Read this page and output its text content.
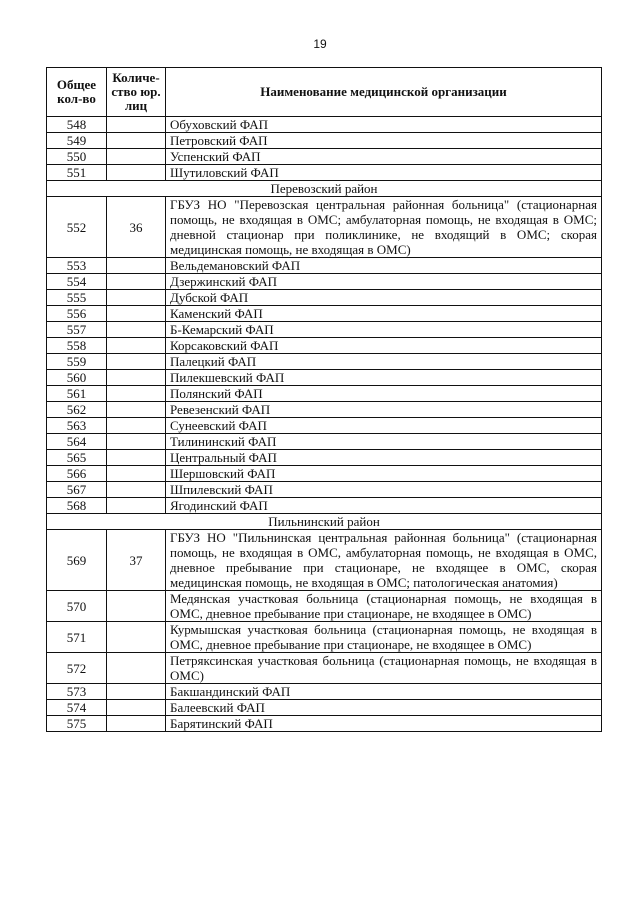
19
Общее кол-во	Количе-ство юр. лиц	Наименование медицинской организации
548		Обуховский ФАП
549		Петровский ФАП
550		Успенский ФАП
551		Шутиловский ФАП
Перевозский район		
552	36	ГБУЗ НО "Перевозская центральная районная больница" (стационарная помощь, не входящая в ОМС; амбулаторная помощь, не входящая в ОМС; дневной стационар при поликлинике, не входящий в ОМС; скорая медицинская помощь, не входящая в ОМС)
553		Вельдемановский ФАП
554		Дзержинский ФАП
555		Дубской ФАП
556		Каменский ФАП
557		Б-Кемарский ФАП
558		Корсаковский ФАП
559		Палецкий ФАП
560		Пилекшевский ФАП
561		Полянский ФАП
562		Ревезенский ФАП
563		Сунеевский ФАП
564		Тилининский ФАП
565		Центральный ФАП
566		Шершовский ФАП
567		Шпилевский ФАП
568		Ягодинский ФАП
Пильнинский район		
569	37	ГБУЗ НО "Пильнинская центральная районная больница" (стационарная помощь, не входящая в ОМС, амбулаторная помощь, не входящая в ОМС, дневное пребывание при стационаре, не входящее в ОМС, скорая медицинская помощь, не входящая в ОМС; патологическая анатомия)
570		Медянская участковая больница (стационарная помощь, не входящая в ОМС, дневное пребывание при стационаре, не входящее в ОМС)
571		Курмышская участковая больница (стационарная помощь, не входящая в ОМС, дневное пребывание при стационаре, не входящее в ОМС)
572		Петряксинская участковая больница (стационарная помощь, не входящая в ОМС)
573		Бакшандинский ФАП
574		Балеевский ФАП
575		Барятинский ФАП
